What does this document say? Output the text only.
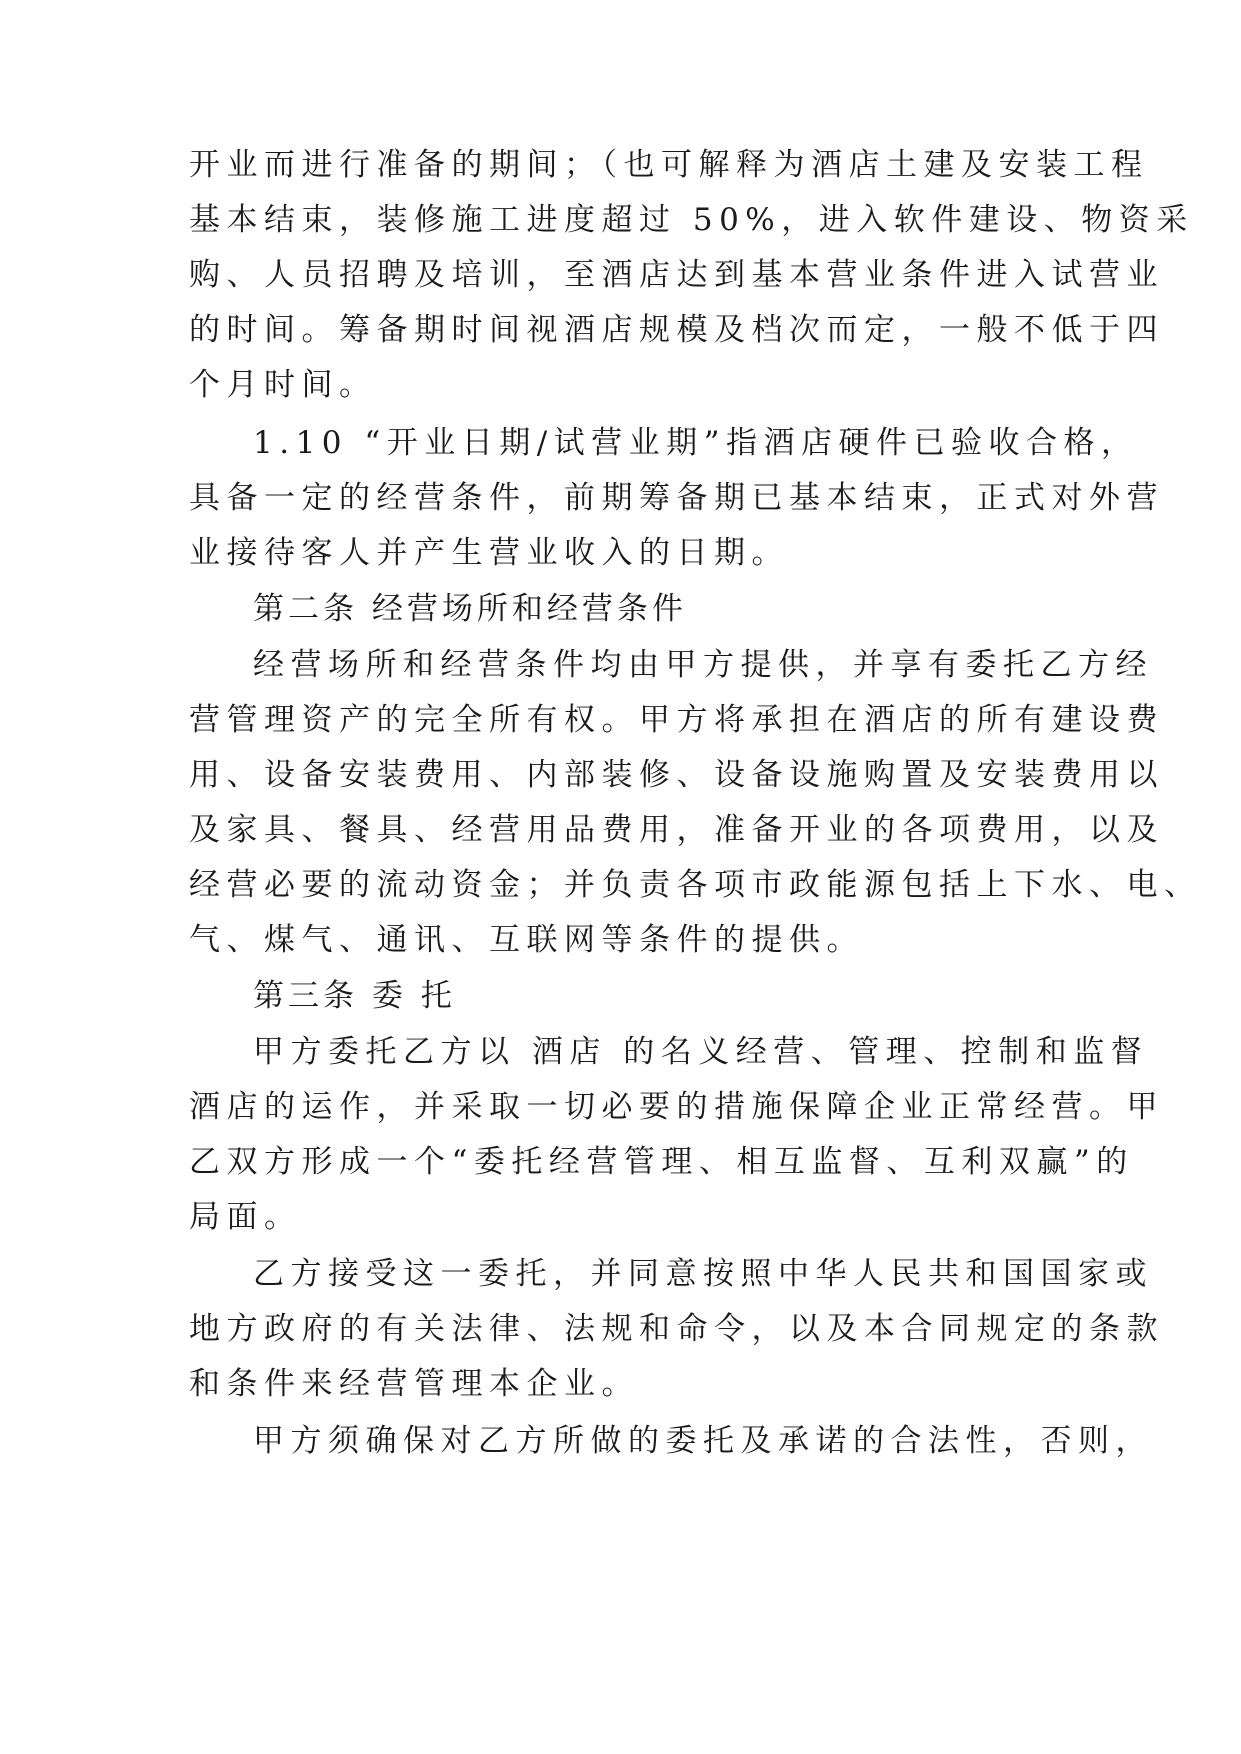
开业而进行准备的期间；（也可解释为酒店土建及安装工程
基本结束，装修施工进度超过 50%，进入软件建设、物资采
购、人员招聘及培训，至酒店达到基本营业条件进入试营业
的时间。筹备期时间视酒店规模及档次而定，一般不低于四
个月时间。
1.10 “开业日期/试营业期”指酒店硬件已验收合格，
具备一定的经营条件，前期筹备期已基本结束，正式对外营
业接待客人并产生营业收入的日期。
第二条 经营场所和经营条件
经营场所和经营条件均由甲方提供，并享有委托乙方经
营管理资产的完全所有权。甲方将承担在酒店的所有建设费
用、设备安装费用、内部装修、设备设施购置及安装费用以
及家具、餐具、经营用品费用，准备开业的各项费用，以及
经营必要的流动资金；并负责各项市政能源包括上下水、电、
气、煤气、通讯、互联网等条件的提供。
第三条 委 托
甲方委托乙方以 酒店 的名义经营、管理、控制和监督
酒店的运作，并采取一切必要的措施保障企业正常经营。甲
乙双方形成一个“委托经营管理、相互监督、互利双赢”的
局面。
乙方接受这一委托，并同意按照中华人民共和国国家或
地方政府的有关法律、法规和命令，以及本合同规定的条款
和条件来经营管理本企业。
甲方须确保对乙方所做的委托及承诺的合法性，否则，
